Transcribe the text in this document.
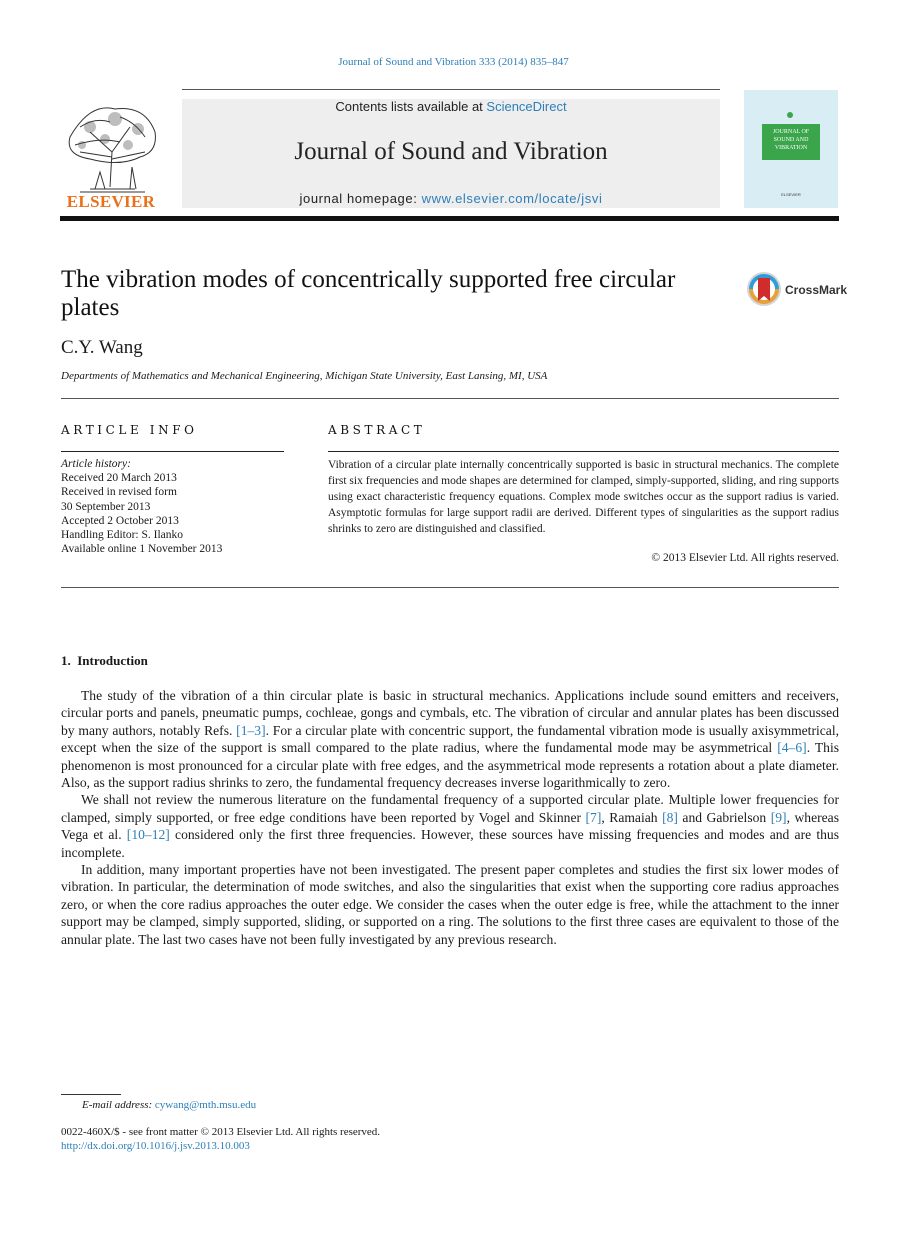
Journal of Sound and Vibration 333 (2014) 835–847
ELSEVIER
Contents lists available at ScienceDirect
Journal of Sound and Vibration
journal homepage: www.elsevier.com/locate/jsvi
JOURNAL OF SOUND AND VIBRATION
ELSEVIER
The vibration modes of concentrically supported free circular plates
CrossMark
C.Y. Wang
Departments of Mathematics and Mechanical Engineering, Michigan State University, East Lansing, MI, USA
ARTICLE INFO	ABSTRACT
Article history:
Received 20 March 2013
Received in revised form
30 September 2013
Accepted 2 October 2013
Handling Editor: S. Ilanko
Available online 1 November 2013
Vibration of a circular plate internally concentrically supported is basic in structural mechanics. The complete first six frequencies and mode shapes are determined for clamped, simply-supported, sliding, and ring supports using exact characteristic frequency equations. Complex mode switches occur as the support radius is varied. Asymptotic formulas for large support radii are derived. Different types of singularities as the support radius shrinks to zero are distinguished and classified.
© 2013 Elsevier Ltd. All rights reserved.
1. Introduction

The study of the vibration of a thin circular plate is basic in structural mechanics. Applications include sound emitters and receivers, circular ports and panels, pneumatic pumps, cochleae, gongs and cymbals, etc. The vibration of circular and annular plates has been discussed by many authors, notably Refs. [1–3]. For a circular plate with concentric support, the fundamental vibration mode is usually axisymmetrical, except when the size of the support is small compared to the plate radius, where the fundamental mode may be asymmetrical [4–6]. This phenomenon is most pronounced for a circular plate with free edges, and the asymmetrical mode represents a rotation about a plate diameter. Also, as the support radius shrinks to zero, the fundamental frequency decreases inverse logarithmically to zero.

We shall not review the numerous literature on the fundamental frequency of a supported circular plate. Multiple lower frequencies for clamped, simply supported, or free edge conditions have been reported by Vogel and Skinner [7], Ramaiah [8] and Gabrielson [9], whereas Vega et al. [10–12] considered only the first three frequencies. However, these sources have missing frequencies and modes and are thus incomplete.

In addition, many important properties have not been investigated. The present paper completes and studies the first six lower modes of vibration. In particular, the determination of mode switches, and also the singularities that exist when the supporting core radius approaches zero, or when the core radius approaches the outer edge. We consider the cases when the outer edge is free, while the attachment to the inner support may be clamped, simply supported, sliding, or supported on a ring. The solutions to the first three cases are equivalent to those of the annular plate. The last two cases have not been fully investigated by any previous research.

E-mail address: cywang@mth.msu.edu
0022-460X/$ - see front matter © 2013 Elsevier Ltd. All rights reserved.
http://dx.doi.org/10.1016/j.jsv.2013.10.003
